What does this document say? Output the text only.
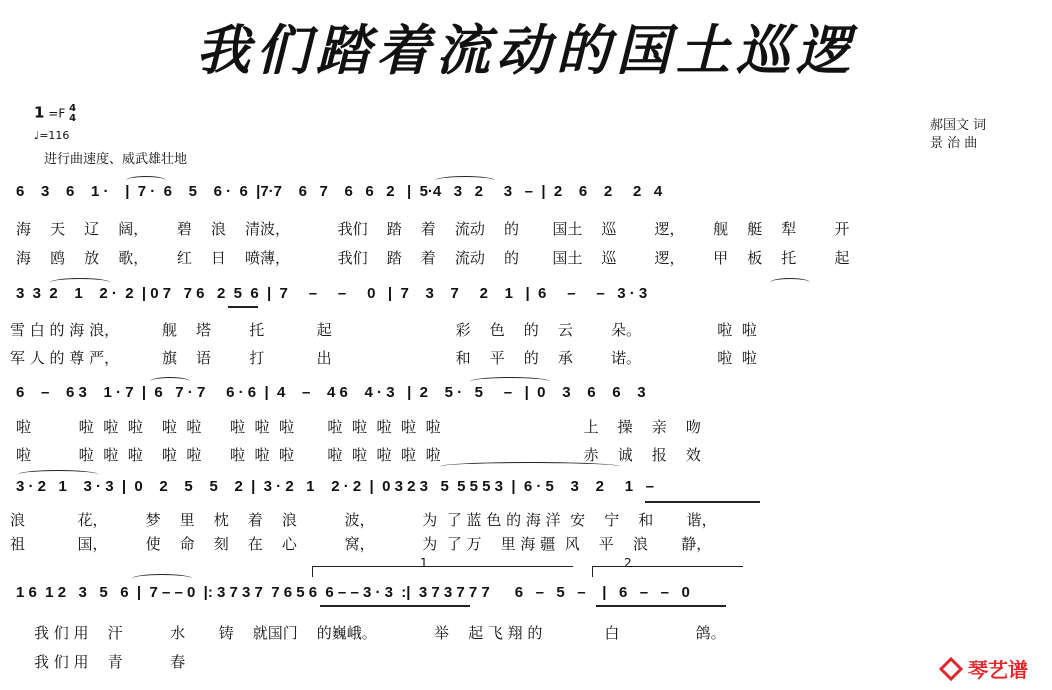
我们踏着流动的国土巡逻
1 =F 4
4
♩=116
进行曲速度、威武雄壮地
郝国文 词
景 治 曲
6    3    6    1 ·    |  7 ·  6    5    6 ·  6  |7·7    6   7    6   6   2   |  5·4   3   2     3   –  |  2    6    2     2   4
海    天    辽    阔，      碧    浪    清波，          我们    踏    着    流动    的       国土    巡        逻，      舰    艇    犁        开
海    鸥    放    歌，      红    日    喷薄，          我们    踏    着    流动    的       国土    巡        逻，      甲    板    托        起
3  3  2    1    2 ·  2  | 0 7   7 6   2  5  6  |  7     –     –     0   |  7    3    7     2    1   |  6     –     –   3 · 3
雪 白 的 海 浪，         舰    塔        托           起                          彩    色    的    云        朵。                啦  啦
军 人 的 尊 严，         旗    语        打           出                          和    平    的    承        诺。                啦  啦
6    –    6 3    1 · 7  |  6   7 · 7     6 · 6  |  4    –    4 6    4 · 3   |  2    5 ·   5     –   |  0    3    6    6    3
啦          啦  啦  啦    啦  啦      啦  啦  啦       啦  啦  啦  啦  啦                              上    操    亲    吻
啦          啦  啦  啦    啦  啦      啦  啦  啦       啦  啦  啦  啦  啦                              赤    诚    报    效
3 · 2   1    3 · 3  |  0    2    5    5    2  |  3 · 2   1    2 · 2  |  0 3 2 3   5  5 5 5 3  |  6 · 5    3    2     1   –
浪           花，        梦    里    枕    着    浪          波，          为  了 蓝 色 的 海 洋  安    宁    和       谐，
祖           国，        使    命    刻    在    心          窝，          为  了 万    里 海 疆  风    平    浪       静，
1 6  1 2   3   5   6  |  7 – – 0  |: 3 7 3 7  7 6 5 6  6 – – 3 · 3  :|  3 7 3 7 7 7      6   –   5   –    |   6   –   –   0
我 们 用    汗          水       铸    就国门    的巍峨。            举    起 飞 翔 的             白                鸽。
我 们 用    青          春
1	2
琴艺谱
